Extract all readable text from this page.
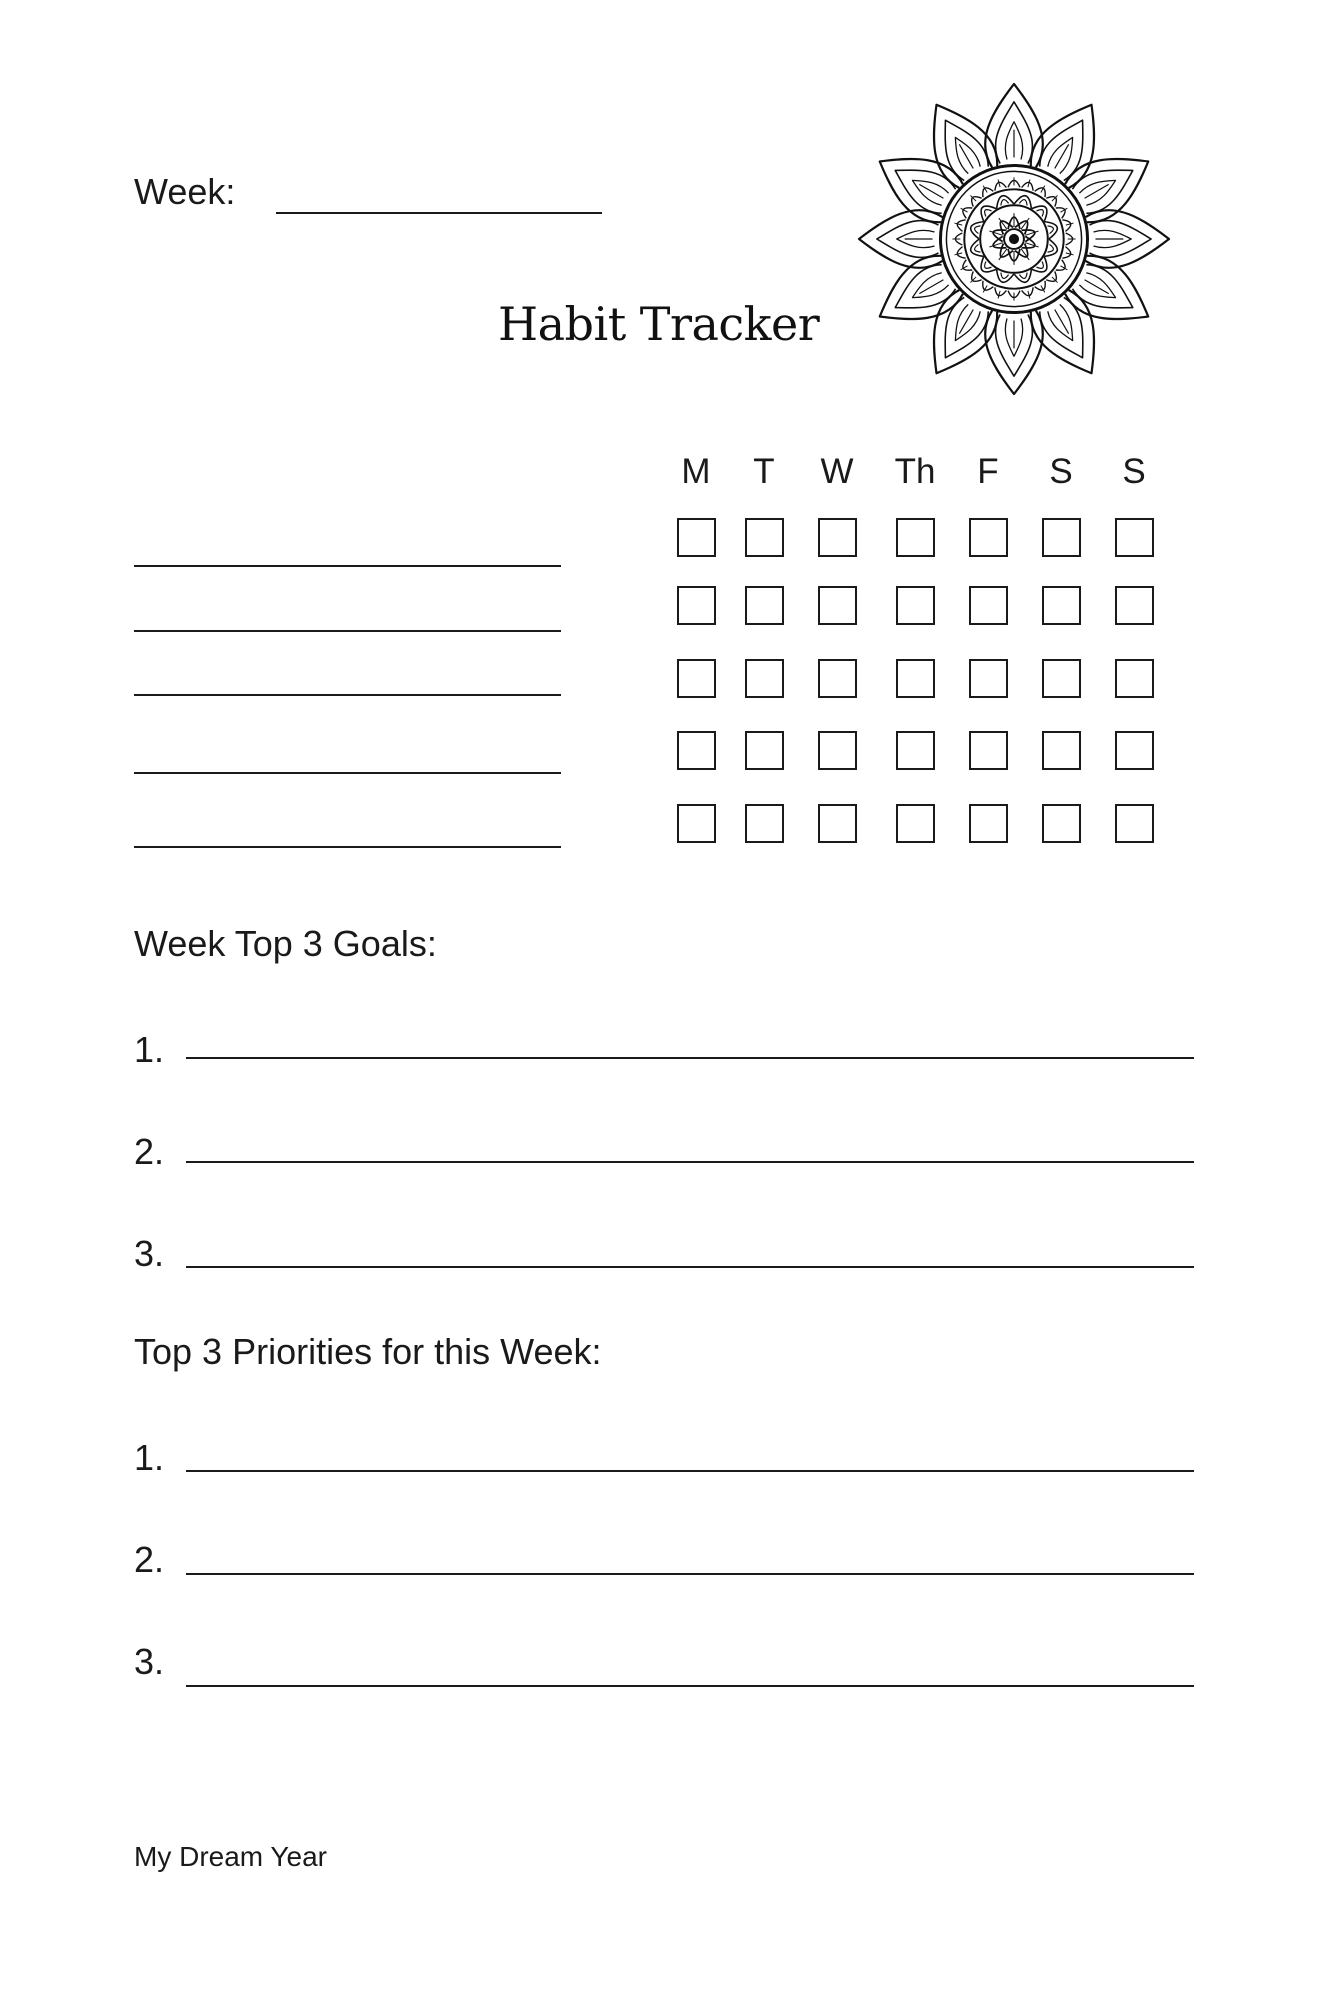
Week:
Habit Tracker
M	T	W	Th	F	S	S
Week Top 3 Goals:
1.
2.
3.
Top 3 Priorities for this Week:
1.
2.
3.
My Dream Year
